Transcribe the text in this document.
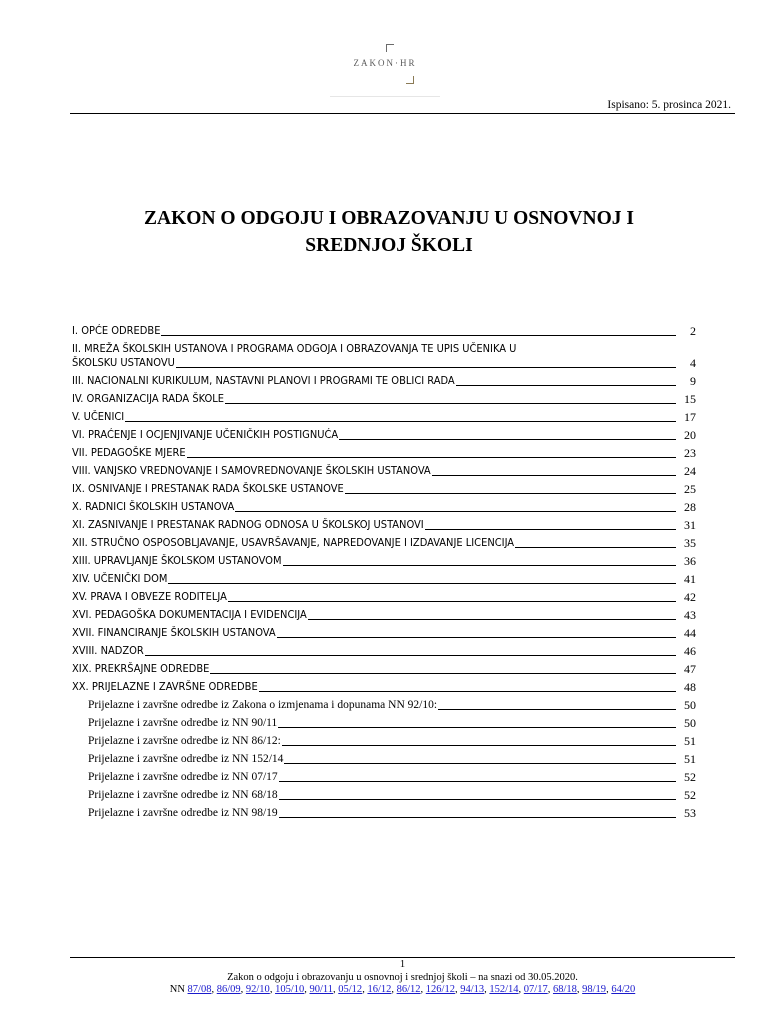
ZAKON·HR
Ispisano: 5. prosinca 2021.
ZAKON O ODGOJU I OBRAZOVANJU U OSNOVNOJ I
SREDNJOJ ŠKOLI
I. OPĆE ODREDBE	2
II. MREŽA ŠKOLSKIH USTANOVA I PROGRAMA ODGOJA I OBRAZOVANJA TE UPIS UČENIKA U
ŠKOLSKU USTANOVU	4
III. NACIONALNI KURIKULUM, NASTAVNI PLANOVI I PROGRAMI TE OBLICI RADA	9
IV. ORGANIZACIJA RADA ŠKOLE	15
V. UČENICI	17
VI. PRAĆENJE I OCJENJIVANJE UČENIČKIH POSTIGNUĆA	20
VII. PEDAGOŠKE MJERE	23
VIII. VANJSKO VREDNOVANJE I SAMOVREDNOVANJE ŠKOLSKIH USTANOVA	24
IX. OSNIVANJE I PRESTANAK RADA ŠKOLSKE USTANOVE	25
X. RADNICI ŠKOLSKIH USTANOVA	28
XI. ZASNIVANJE I PRESTANAK RADNOG ODNOSA U ŠKOLSKOJ USTANOVI	31
XII. STRUČNO OSPOSOBLJAVANJE, USAVRŠAVANJE, NAPREDOVANJE I IZDAVANJE LICENCIJA	35
XIII. UPRAVLJANJE ŠKOLSKOM USTANOVOM	36
XIV. UČENIČKI DOM	41
XV. PRAVA I OBVEZE RODITELJA	42
XVI. PEDAGOŠKA DOKUMENTACIJA I EVIDENCIJA	43
XVII. FINANCIRANJE ŠKOLSKIH USTANOVA	44
XVIII. NADZOR	46
XIX. PREKRŠAJNE ODREDBE	47
XX. PRIJELAZNE I ZAVRŠNE ODREDBE	48
Prijelazne i završne odredbe iz Zakona o izmjenama i dopunama NN 92/10:	50
Prijelazne i završne odredbe iz NN 90/11	50
Prijelazne i završne odredbe iz NN 86/12:	51
Prijelazne i završne odredbe iz NN 152/14	51
Prijelazne i završne odredbe iz NN 07/17	52
Prijelazne i završne odredbe iz NN 68/18	52
Prijelazne i završne odredbe iz NN 98/19	53
1
Zakon o odgoju i obrazovanju u osnovnoj i srednjoj školi – na snazi od 30.05.2020.
NN 87/08, 86/09, 92/10, 105/10, 90/11, 05/12, 16/12, 86/12, 126/12, 94/13, 152/14, 07/17, 68/18, 98/19, 64/20
